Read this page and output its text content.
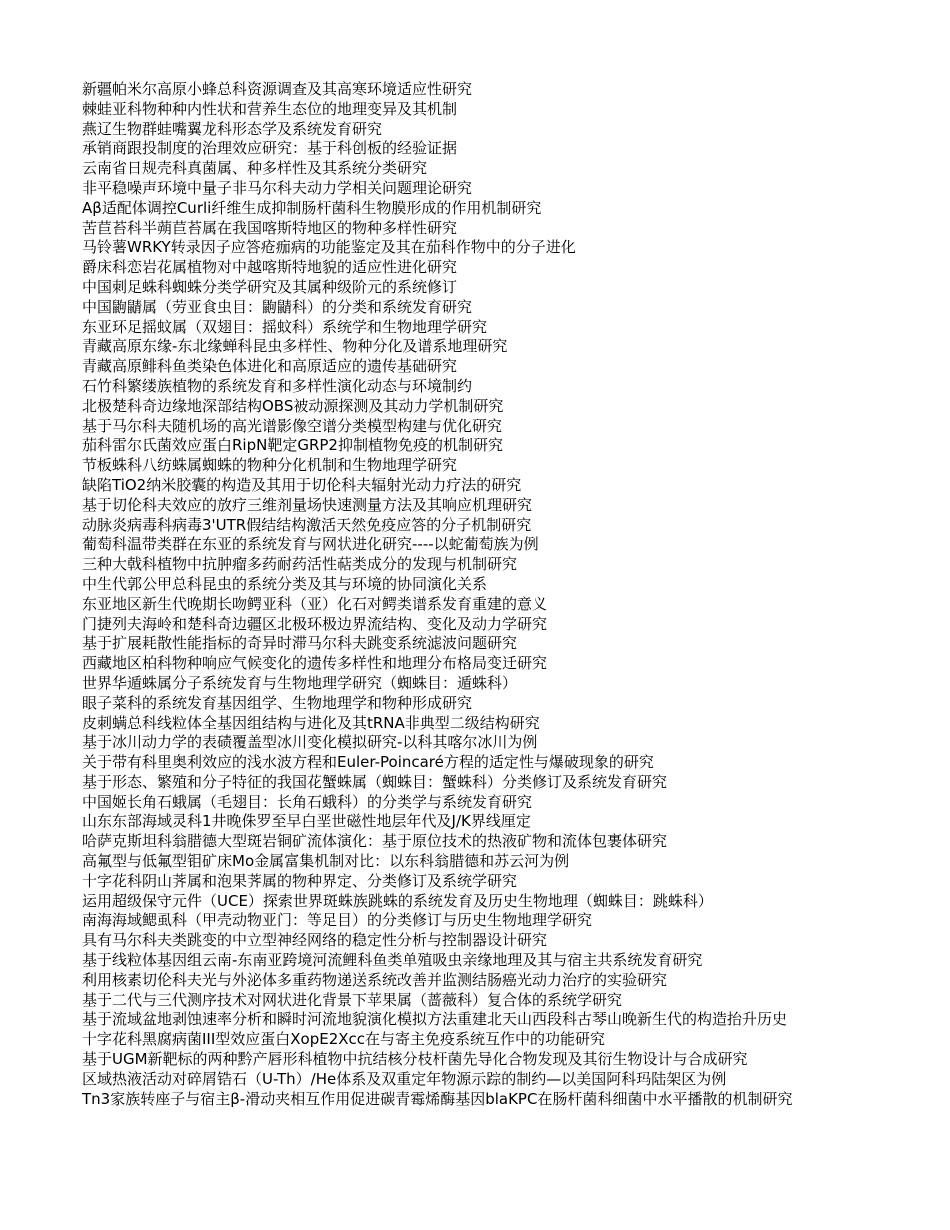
新疆帕米尔高原小蜂总科资源调查及其高寒环境适应性研究
棘蛙亚科物种种内性状和营养生态位的地理变异及其机制
燕辽生物群蛙嘴翼龙科形态学及系统发育研究
承销商跟投制度的治理效应研究：基于科创板的经验证据
云南省日规壳科真菌属、种多样性及其系统分类研究
非平稳噪声环境中量子非马尔科夫动力学相关问题理论研究
Aβ适配体调控Curli纤维生成抑制肠杆菌科生物膜形成的作用机制研究
苦苣苔科半蒴苣苔属在我国喀斯特地区的物种多样性研究
马铃薯WRKY转录因子应答疮痂病的功能鉴定及其在茄科作物中的分子进化
爵床科恋岩花属植物对中越喀斯特地貌的适应性进化研究
中国刺足蛛科蜘蛛分类学研究及其属种级阶元的系统修订
中国鼩鼱属（劳亚食虫目：鼩鼱科）的分类和系统发育研究
东亚环足摇蚊属（双翅目：摇蚊科）系统学和生物地理学研究
青藏高原东缘-东北缘蝉科昆虫多样性、物种分化及谱系地理研究
青藏高原鲱科鱼类染色体进化和高原适应的遗传基础研究
石竹科繁缕族植物的系统发育和多样性演化动态与环境制约
北极楚科奇边缘地深部结构OBS被动源探测及其动力学机制研究
基于马尔科夫随机场的高光谱影像空谱分类模型构建与优化研究
茄科雷尔氏菌效应蛋白RipN靶定GRP2抑制植物免疫的机制研究
节板蛛科八纺蛛属蜘蛛的物种分化机制和生物地理学研究
缺陷TiO2纳米胶囊的构造及其用于切伦科夫辐射光动力疗法的研究
基于切伦科夫效应的放疗三维剂量场快速测量方法及其响应机理研究
动脉炎病毒科病毒3'UTR假结结构激活天然免疫应答的分子机制研究
葡萄科温带类群在东亚的系统发育与网状进化研究----以蛇葡萄族为例
三种大戟科植物中抗肿瘤多药耐药活性萜类成分的发现与机制研究
中生代郭公甲总科昆虫的系统分类及其与环境的协同演化关系
东亚地区新生代晚期长吻鳄亚科（亚）化石对鳄类谱系发育重建的意义
门捷列夫海岭和楚科奇边疆区北极环极边界流结构、变化及动力学研究
基于扩展耗散性能指标的奇异时滞马尔科夫跳变系统滤波问题研究
西藏地区柏科物种响应气候变化的遗传多样性和地理分布格局变迁研究
世界华遁蛛属分子系统发育与生物地理学研究（蜘蛛目：遁蛛科）
眼子菜科的系统发育基因组学、生物地理学和物种形成研究
皮刺螨总科线粒体全基因组结构与进化及其tRNA非典型二级结构研究
基于冰川动力学的表碛覆盖型冰川变化模拟研究-以科其喀尔冰川为例
关于带有科里奥利效应的浅水波方程和Euler-Poincaré方程的适定性与爆破现象的研究
基于形态、繁殖和分子特征的我国花蟹蛛属（蜘蛛目：蟹蛛科）分类修订及系统发育研究
中国姬长角石蛾属（毛翅目：长角石蛾科）的分类学与系统发育研究
山东东部海域灵科1井晚侏罗至早白垩世磁性地层年代及J/K界线厘定
哈萨克斯坦科翁腊德大型斑岩铜矿流体演化：基于原位技术的热液矿物和流体包裹体研究
高氟型与低氟型钼矿床Mo金属富集机制对比：以东科翁腊德和苏云河为例
十字花科阴山荠属和泡果荠属的物种界定、分类修订及系统学研究
运用超级保守元件（UCE）探索世界斑蛛族跳蛛的系统发育及历史生物地理（蜘蛛目：跳蛛科）
南海海域鳃虱科（甲壳动物亚门：等足目）的分类修订与历史生物地理学研究
具有马尔科夫类跳变的中立型神经网络的稳定性分析与控制器设计研究
基于线粒体基因组云南-东南亚跨境河流鲤科鱼类单殖吸虫亲缘地理及其与宿主共系统发育研究
利用核素切伦科夫光与外泌体多重药物递送系统改善并监测结肠癌光动力治疗的实验研究
基于二代与三代测序技术对网状进化背景下苹果属（蔷薇科）复合体的系统学研究
基于流域盆地剥蚀速率分析和瞬时河流地貌演化模拟方法重建北天山西段科古琴山晚新生代的构造抬升历史
十字花科黑腐病菌III型效应蛋白XopE2Xcc在与寄主免疫系统互作中的功能研究
基于UGM新靶标的两种黔产唇形科植物中抗结核分枝杆菌先导化合物发现及其衍生物设计与合成研究
区域热液活动对碎屑锆石（U-Th）/He体系及双重定年物源示踪的制约—以美国阿科玛陆架区为例
Tn3家族转座子与宿主β-滑动夹相互作用促进碳青霉烯酶基因blaKPC在肠杆菌科细菌中水平播散的机制研究
